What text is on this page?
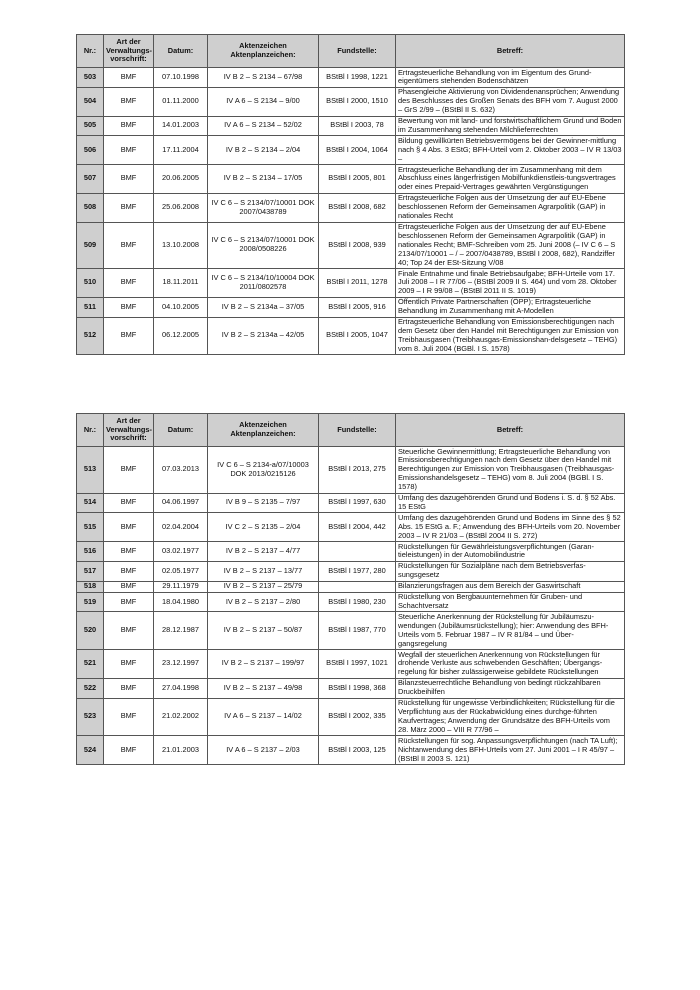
Nr.:	Art der Verwaltungs- vorschrift:	Datum:	Aktenzeichen Aktenplanzeichen:	Fundstelle:	Betreff:
503	BMF	07.10.1998	IV B 2 – S 2134 – 67/98	BStBl I 1998, 1221	Ertragsteuerliche Behandlung von im Eigentum des Grund-eigentümers stehenden Bodenschätzen
504	BMF	01.11.2000	IV A 6 – S 2134 – 9/00	BStBl I 2000, 1510	Phasengleiche Aktivierung von Dividendenansprüchen; Anwendung des Beschlusses des Großen Senats des BFH vom 7. August 2000 – GrS 2/99 – (BStBl II S. 632)
505	BMF	14.01.2003	IV A 6 – S 2134 – 52/02	BStBl I 2003, 78	Bewertung von mit land- und forstwirtschaftlichem Grund und Boden im Zusammenhang stehenden Milchlieferrechten
506	BMF	17.11.2004	IV B 2 – S 2134 – 2/04	BStBl I 2004, 1064	Bildung gewillkürten Betriebsvermögens bei der Gewinner-mittlung nach § 4 Abs. 3 EStG; BFH-Urteil vom 2. Oktober 2003 – IV R 13/03 –
507	BMF	20.06.2005	IV B 2 – S 2134 – 17/05	BStBl I 2005, 801	Ertragsteuerliche Behandlung der im Zusammenhang mit dem Abschluss eines längerfristigen Mobilfunkdienstleis-tungsvertrages oder eines Prepaid-Vertrages gewährten Vergünstigungen
508	BMF	25.06.2008	IV C 6 – S 2134/07/10001 DOK 2007/0438789	BStBl I 2008, 682	Ertragsteuerliche Folgen aus der Umsetzung der auf EU-Ebene beschlossenen Reform der Gemeinsamen Agrarpolitik (GAP) in nationales Recht
509	BMF	13.10.2008	IV C 6 – S 2134/07/10001 DOK 2008/0508226	BStBl I 2008, 939	Ertragsteuerliche Folgen aus der Umsetzung der auf EU-Ebene beschlossenen Reform der Gemeinsamen Agrarpolitik (GAP) in nationales Recht; BMF-Schreiben vom 25. Juni 2008 (– IV C 6 – S 2134/07/10001 – / – 2007/0438789, BStBl I 2008, 682), Randziffer 40; Top 24 der ESt-Sitzung V/08
510	BMF	18.11.2011	IV C 6 – S 2134/10/10004 DOK 2011/0802578	BStBl I 2011, 1278	Finale Entnahme und finale Betriebsaufgabe; BFH-Urteile vom 17. Juli 2008 – I R 77/06 – (BStBl 2009 II S. 464) und vom 28. Oktober 2009 – I R 99/08 – (BStBl 2011 II S. 1019)
511	BMF	04.10.2005	IV B 2 – S 2134a – 37/05	BStBl I 2005, 916	Öffentlich Private Partnerschaften (ÖPP); Ertragsteuerliche Behandlung im Zusammenhang mit A-Modellen
512	BMF	06.12.2005	IV B 2 – S 2134a – 42/05	BStBl I 2005, 1047	Ertragsteuerliche Behandlung von Emissionsberechtigungen nach dem Gesetz über den Handel mit Berechtigungen zur Emission von Treibhausgasen (Treibhausgas-Emissionshan-delsgesetz – TEHG) vom 8. Juli 2004 (BGBl. I S. 1578)
Nr.:	Art der Verwaltungs- vorschrift:	Datum:	Aktenzeichen Aktenplanzeichen:	Fundstelle:	Betreff:
513	BMF	07.03.2013	IV C 6 – S 2134-a/07/10003 DOK 2013/0215126	BStBl I 2013, 275	Steuerliche Gewinnermittlung; Ertragsteuerliche Behandlung von Emissionsberechtigungen nach dem Gesetz über den Handel mit Berechtigungen zur Emission von Treibhausgasen (Treibhausgas-Emissionshandelsgesetz – TEHG) vom 8. Juli 2004 (BGBl. I S. 1578)
514	BMF	04.06.1997	IV B 9 – S 2135 – 7/97	BStBl I 1997, 630	Umfang des dazugehörenden Grund und Bodens i. S. d. § 52 Abs. 15 EStG
515	BMF	02.04.2004	IV C 2 – S 2135 – 2/04	BStBl I 2004, 442	Umfang des dazugehörenden Grund und Bodens im Sinne des § 52 Abs. 15 EStG a. F.; Anwendung des BFH-Urteils vom 20. November 2003 – IV R 21/03 – (BStBl 2004 II S. 272)
516	BMF	03.02.1977	IV B 2 – S 2137 – 4/77		Rückstellungen für Gewährleistungsverpflichtungen (Garan-tieleistungen) in der Automobilindustrie
517	BMF	02.05.1977	IV B 2 – S 2137 – 13/77	BStBl I 1977, 280	Rückstellungen für Sozialpläne nach dem Betriebsverfas-sungsgesetz
518	BMF	29.11.1979	IV B 2 – S 2137 – 25/79		Bilanzierungsfragen aus dem Bereich der Gaswirtschaft
519	BMF	18.04.1980	IV B 2 – S 2137 – 2/80	BStBl I 1980, 230	Rückstellung von Bergbauunternehmen für Gruben- und Schachtversatz
520	BMF	28.12.1987	IV B 2 – S 2137 – 50/87	BStBl I 1987, 770	Steuerliche Anerkennung der Rückstellung für Jubiläumszu-wendungen (Jubiläumsrückstellung); hier: Anwendung des BFH-Urteils vom 5. Februar 1987 – IV R 81/84 – und Über-gangsregelung
521	BMF	23.12.1997	IV B 2 – S 2137 – 199/97	BStBl I 1997, 1021	Wegfall der steuerlichen Anerkennung von Rückstellungen für drohende Verluste aus schwebenden Geschäften; Übergangs-regelung für bisher zulässigerweise gebildete Rückstellungen
522	BMF	27.04.1998	IV B 2 – S 2137 – 49/98	BStBl I 1998, 368	Bilanzsteuerrechtliche Behandlung von bedingt rückzahlbaren Druckbeihilfen
523	BMF	21.02.2002	IV A 6 – S 2137 – 14/02	BStBl I 2002, 335	Rückstellung für ungewisse Verbindlichkeiten; Rückstellung für die Verpflichtung aus der Rückabwicklung eines durchge-führten Kaufvertrages; Anwendung der Grundsätze des BFH-Urteils vom 28. März 2000 – VIII R 77/96 –
524	BMF	21.01.2003	IV A 6 – S 2137 – 2/03	BStBl I 2003, 125	Rückstellungen für sog. Anpassungsverpflichtungen (nach TA Luft); Nichtanwendung des BFH-Urteils vom 27. Juni 2001 – I R 45/97 – (BStBl II 2003 S. 121)
